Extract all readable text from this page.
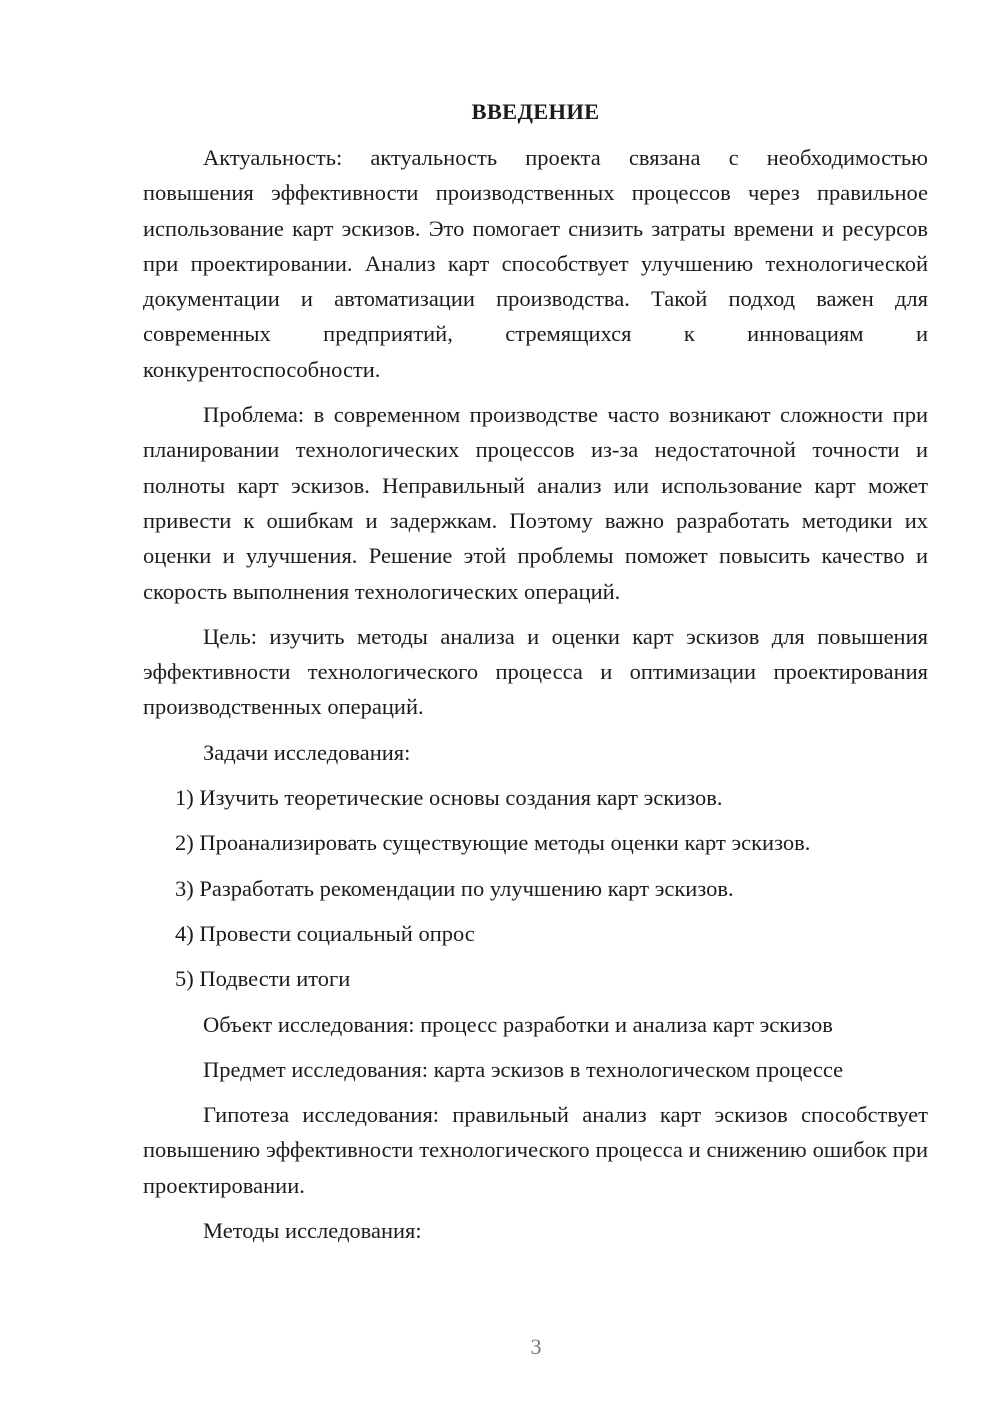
ВВЕДЕНИЕ

Актуальность: актуальность проекта связана с необходимостью повышения эффективности производственных процессов через правильное использование карт эскизов. Это помогает снизить затраты времени и ресурсов при проектировании. Анализ карт способствует улучшению технологической документации и автоматизации производства. Такой подход важен для современных предприятий, стремящихся к инновациям и конкурентоспособности.

Проблема: в современном производстве часто возникают сложности при планировании технологических процессов из-за недостаточной точности и полноты карт эскизов. Неправильный анализ или использование карт может привести к ошибкам и задержкам. Поэтому важно разработать методики их оценки и улучшения. Решение этой проблемы поможет повысить качество и скорость выполнения технологических операций.

Цель: изучить методы анализа и оценки карт эскизов для повышения эффективности технологического процесса и оптимизации проектирования производственных операций.

Задачи исследования:

1) Изучить теоретические основы создания карт эскизов.
2) Проанализировать существующие методы оценки карт эскизов.
3) Разработать рекомендации по улучшению карт эскизов.
4) Провести социальный опрос
5) Подвести итоги

Объект исследования: процесс разработки и анализа карт эскизов

Предмет исследования: карта эскизов в технологическом процессе

Гипотеза исследования: правильный анализ карт эскизов способствует повышению эффективности технологического процесса и снижению ошибок при проектировании.

Методы исследования:

3
